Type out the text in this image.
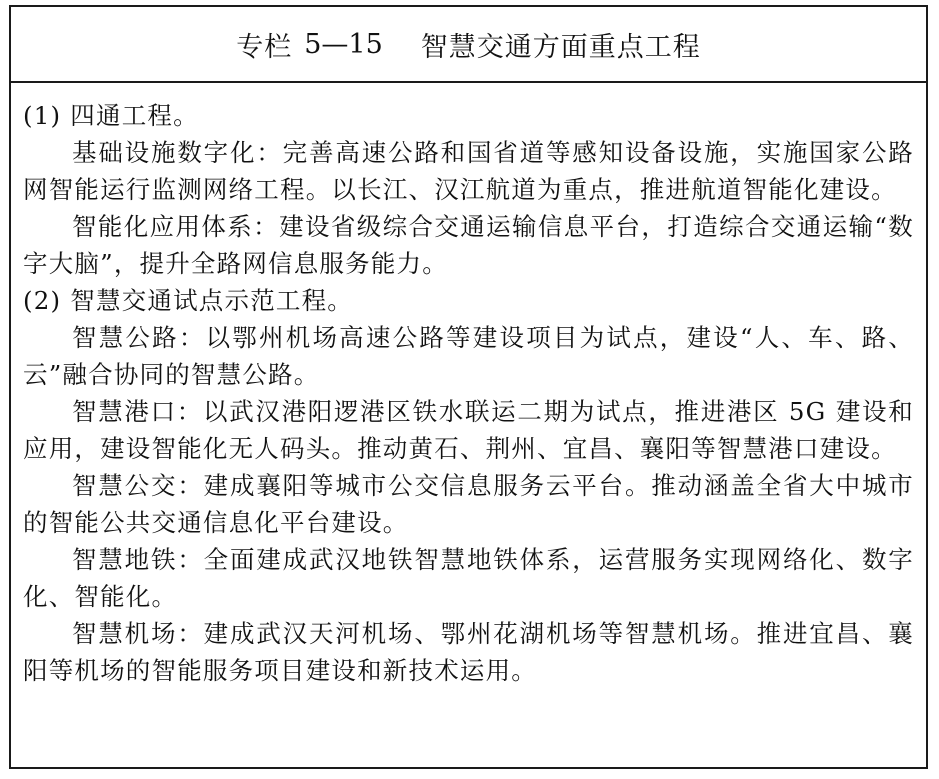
专栏 5—15 智慧交通方面重点工程

(1) 四通工程。

基础设施数字化：完善高速公路和国省道等感知设备设施，实施国家公路网智能运行监测网络工程。以长江、汉江航道为重点，推进航道智能化建设。

智能化应用体系：建设省级综合交通运输信息平台，打造综合交通运输“数字大脑”，提升全路网信息服务能力。

(2) 智慧交通试点示范工程。

智慧公路：以鄂州机场高速公路等建设项目为试点，建设“人、车、路、云”融合协同的智慧公路。

智慧港口：以武汉港阳逻港区铁水联运二期为试点，推进港区 5G 建设和应用，建设智能化无人码头。推动黄石、荆州、宜昌、襄阳等智慧港口建设。

智慧公交：建成襄阳等城市公交信息服务云平台。推动涵盖全省大中城市的智能公共交通信息化平台建设。

智慧地铁：全面建成武汉地铁智慧地铁体系，运营服务实现网络化、数字化、智能化。

智慧机场：建成武汉天河机场、鄂州花湖机场等智慧机场。推进宜昌、襄阳等机场的智能服务项目建设和新技术运用。
